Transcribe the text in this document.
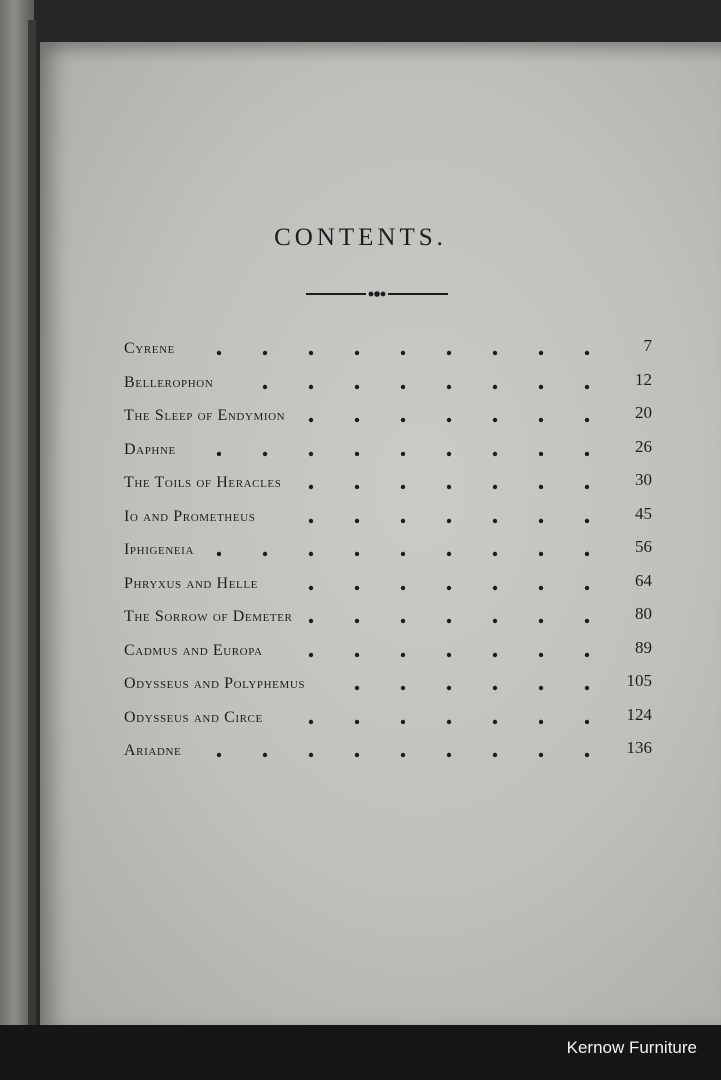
CONTENTS.
Cyrene	7
Bellerophon	12
The Sleep of Endymion	20
Daphne	26
The Toils of Heracles	30
Io and Prometheus	45
Iphigeneia	56
Phryxus and Helle	64
The Sorrow of Demeter	80
Cadmus and Europa	89
Odysseus and Polyphemus	105
Odysseus and Circe	124
Ariadne	136
Kernow Furniture
